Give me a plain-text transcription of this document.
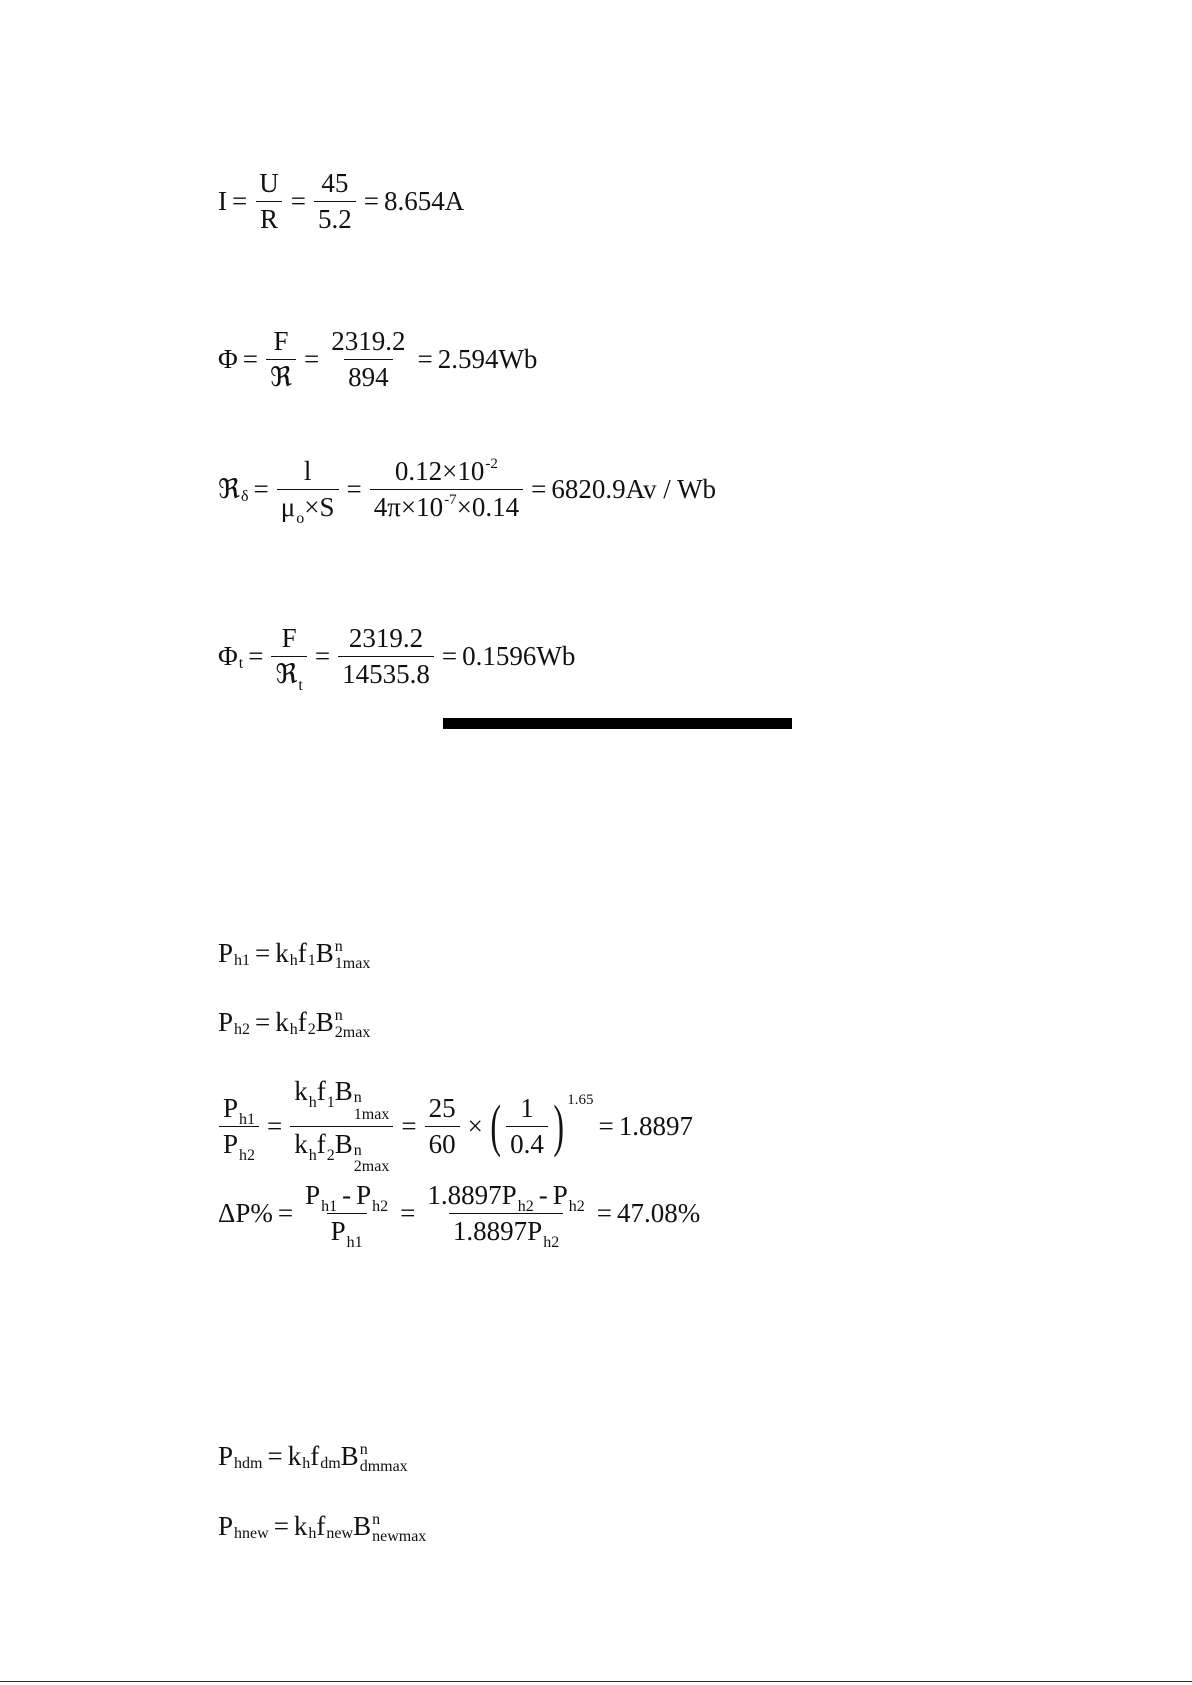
$I = \frac{U}{R} = \frac{45}{5.2} = 8.654A$
$\Phi = \frac{F}{\text{ℜ}} = \frac{2319.2}{894} = 2.594Wb$
ℜ $\delta = \frac{l}{\mu_o\times S} = \frac{0.12\times 10^{-2}}{4\pi\times 10^{-7}\times 0.14} = 6820.9Av / Wb$
Φ $t = \frac{F}{ℜ_t} = \frac{2319.2}{14535.8} = 0.1596Wb$
P h1 = k h f 1 B n
1max
P h2 = k h f 2 B n
2max
$\frac{P_{h1}}{P_{h2}} = k_hf_1B$ n
1max
$k_hf_2B$ n
$2\max = \frac{25}{60}$ × ( $\frac{1}{0.4}$ ) 1.65
= 1.8897
$\Delta P\% = \frac{P_{h1} - P_{h2}}{P_{h1}} = \frac{1.8897P_{h2} - P_{h2}}{1.8897P_{h2}} = 47.08\%$
P hdm = k h f dm B n
dmmax
P hnew = k h f new B n
newmax
